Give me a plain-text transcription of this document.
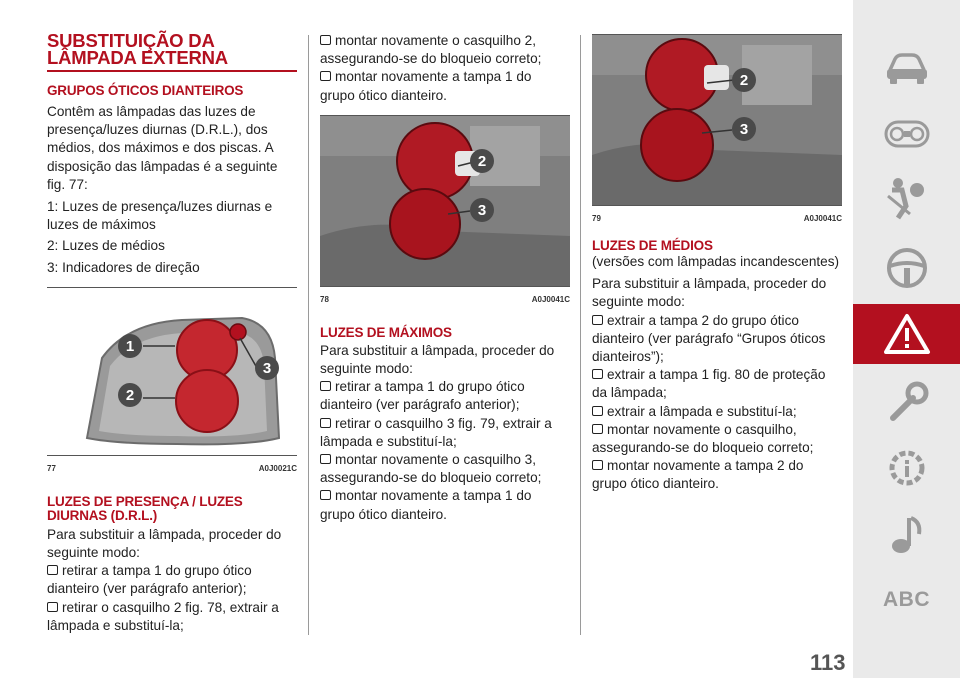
SUBSTITUIÇÃO DA LÂMPADA EXTERNA
GRUPOS ÓTICOS DIANTEIROS

Contêm as lâmpadas das luzes de presença/luzes diurnas (D.R.L.), dos médios, dos máximos e dos piscas. A disposição das lâmpadas é a seguinte fig. 77:

1: Luzes de presença/luzes diurnas e luzes de máximos

2: Luzes de médios

3: Indicadores de direção

1
2
3
77	A0J0021C
LUZES DE PRESENÇA / LUZES DIURNAS (D.R.L.)

Para substituir a lâmpada, proceder do seguinte modo:

retirar a tampa 1 do grupo ótico dianteiro (ver parágrafo anterior);

retirar o casquilho 2 fig. 78, extrair a lâmpada e substituí-la;

montar novamente o casquilho 2, assegurando-se do bloqueio correto;

montar novamente a tampa 1 do grupo ótico dianteiro.

2
3
78	A0J0041C
LUZES DE MÁXIMOS

Para substituir a lâmpada, proceder do seguinte modo:

retirar a tampa 1 do grupo ótico dianteiro (ver parágrafo anterior);

retirar o casquilho 3 fig. 79, extrair a lâmpada e substituí-la;

montar novamente o casquilho 3, assegurando-se do bloqueio correto;

montar novamente a tampa 1 do grupo ótico dianteiro.

2
3
79	A0J0041C
LUZES DE MÉDIOS

(versões com lâmpadas incandescentes)

Para substituir a lâmpada, proceder do seguinte modo:

extrair a tampa 2 do grupo ótico dianteiro (ver parágrafo “Grupos óticos dianteiros”);

extrair a tampa 1 fig. 80 de proteção da lâmpada;

extrair a lâmpada e substituí-la;

montar novamente o casquilho, assegurando-se do bloqueio correto;

montar novamente a tampa 2 do grupo ótico dianteiro.

113
ABC
